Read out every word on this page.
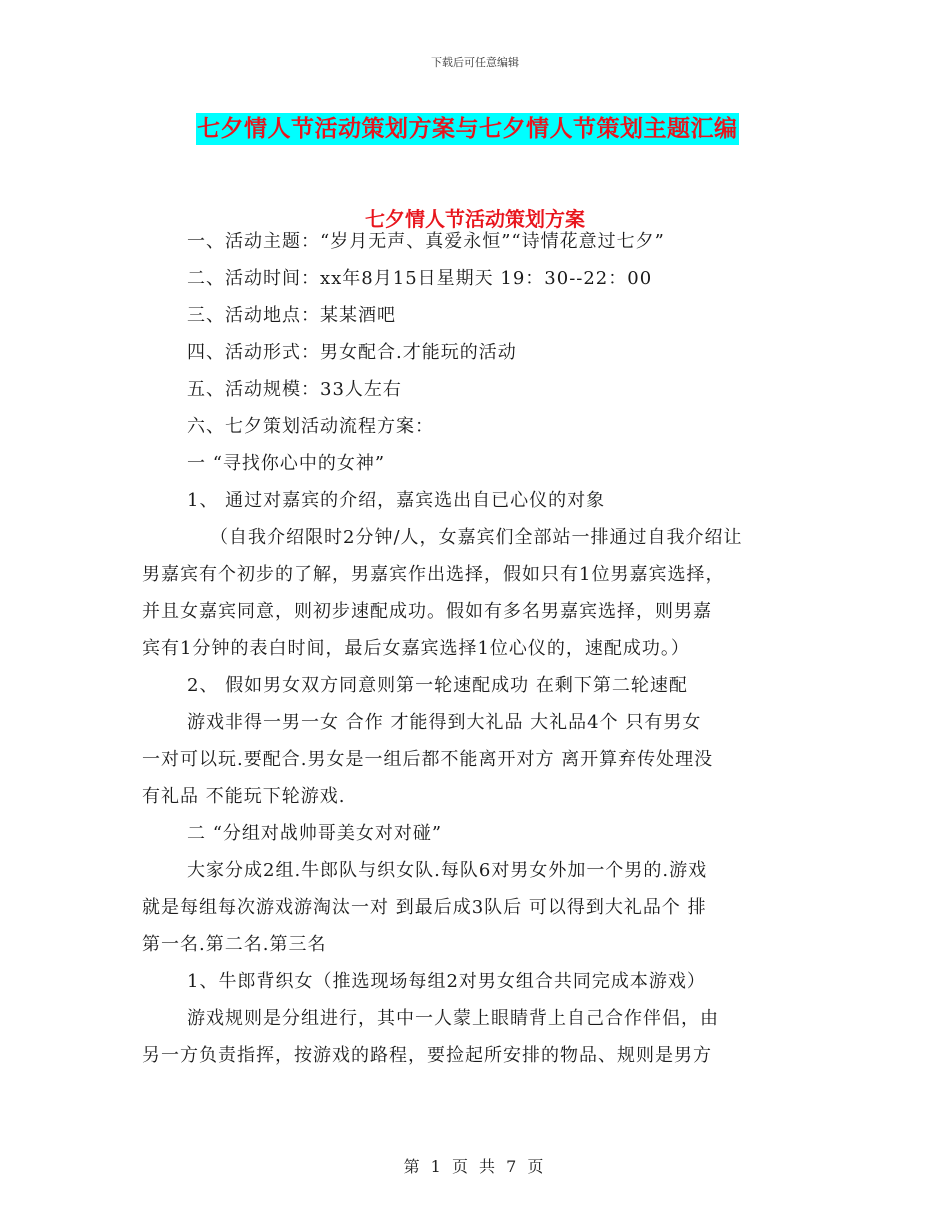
下载后可任意编辑
七夕情人节活动策划方案与七夕情人节策划主题汇编
七夕情人节活动策划方案
一、活动主题：“岁月无声、真爱永恒”“诗情花意过七夕”
二、活动时间：xx年8月15日星期天 19：30--22：00
三、活动地点：某某酒吧
四、活动形式：男女配合.才能玩的活动
五、活动规模：33人左右
六、七夕策划活动流程方案：
一 “寻找你心中的女神”
1、 通过对嘉宾的介绍，嘉宾选出自已心仪的对象
（自我介绍限时2分钟/人，女嘉宾们全部站一排通过自我介绍让
男嘉宾有个初步的了解，男嘉宾作出选择，假如只有1位男嘉宾选择，
并且女嘉宾同意，则初步速配成功。假如有多名男嘉宾选择，则男嘉
宾有1分钟的表白时间，最后女嘉宾选择1位心仪的，速配成功。）
2、 假如男女双方同意则第一轮速配成功 在剩下第二轮速配
游戏非得一男一女 合作 才能得到大礼品 大礼品4个 只有男女
一对可以玩.要配合.男女是一组后都不能离开对方 离开算弃传处理没
有礼品 不能玩下轮游戏.
二 “分组对战帅哥美女对对碰”
大家分成2组.牛郎队与织女队.每队6对男女外加一个男的.游戏
就是每组每次游戏游淘汰一对 到最后成3队后 可以得到大礼品个 排
第一名.第二名.第三名
1、牛郎背织女（推选现场每组2对男女组合共同完成本游戏）
游戏规则是分组进行，其中一人蒙上眼睛背上自己合作伴侣，由
另一方负责指挥，按游戏的路程，要捡起所安排的物品、规则是男方
第 1 页 共 7 页
